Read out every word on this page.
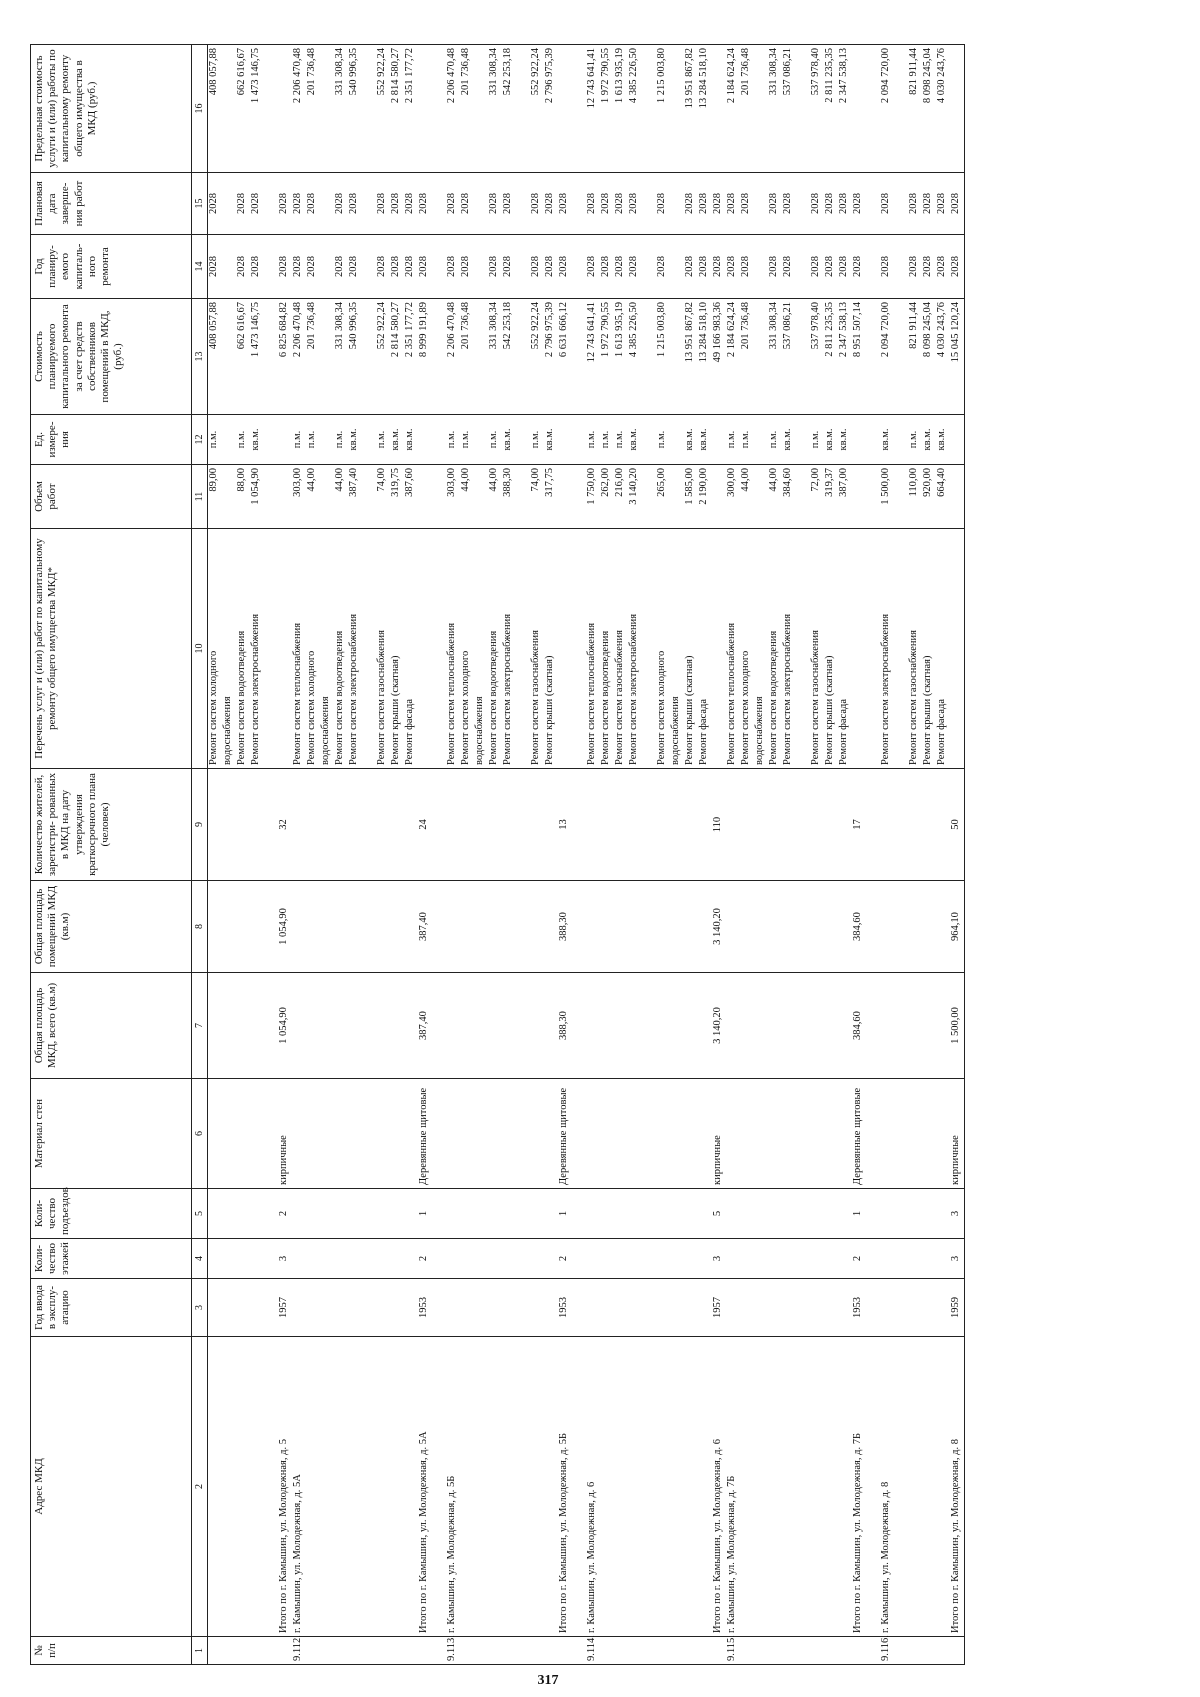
317
№ п/п	Адрес МКД	Год ввода в эксплу- атацию	Коли- чество этажей	Коли- чество подъездов	Материал стен	Общая площадь МКД, всего (кв.м)	Общая площадь помещений МКД (кв.м)	Количество жителей, зарегистри- рованных в МКД на дату утверждения краткосрочного плана (человек)	Перечень услуг и (или) работ по капитальному ремонту общего имущества МКД*	Объем работ	Ед. измере- ния	Стоимость планируемого капитального ремонта за счет средств собственников помещений в МКД, (руб.)	Год планиру- емого капиталь- ного ремонта	Плановая дата заверше- ния работ	Предельная стоимость услуги и (или) работы по капитальному ремонту общего имущества в МКД (руб.)
1	2	3	4	5	6	7	8	9	10	11	12	13	14	15	16
									Ремонт систем холодного	89,00	п.м.	408 057,88	2028	2028	408 057,88
									водоснабжения						
									Ремонт систем водоотведения	88,00	п.м.	662 616,67	2028	2028	662 616,67
									Ремонт систем электроснабжения	1 054,90	кв.м.	1 473 146,75	2028	2028	1 473 146,75

	Итого по г. Камышин, ул. Молодежная, д. 5	1957	3	2	кирпичные	1 054,90	1 054,90	32				6 825 684,82	2028	2028	
9.112.	г. Камышин, ул. Молодежная, д. 5А								Ремонт систем теплоснабжения	303,00	п.м.	2 206 470,48	2028	2028	2 206 470,48
									Ремонт систем холодного	44,00	п.м.	201 736,48	2028	2028	201 736,48
									водоснабжения						
									Ремонт систем водоотведения	44,00	п.м.	331 308,34	2028	2028	331 308,34
									Ремонт систем электроснабжения	387,40	кв.м.	540 996,35	2028	2028	540 996,35

									Ремонт систем газоснабжения	74,00	п.м.	552 922,24	2028	2028	552 922,24
									Ремонт крыши (скатная)	319,75	кв.м.	2 814 580,27	2028	2028	2 814 580,27
									Ремонт фасада	387,60	кв.м.	2 351 177,72	2028	2028	2 351 177,72
	Итого по г. Камышин, ул. Молодежная, д. 5А	1953	2	1	Деревянные щитовые	387,40	387,40	24				8 999 191,89	2028	2028	

9.113.	г. Камышин, ул. Молодежная, д. 5Б								Ремонт систем теплоснабжения	303,00	п.м.	2 206 470,48	2028	2028	2 206 470,48
									Ремонт систем холодного	44,00	п.м.	201 736,48	2028	2028	201 736,48
									водоснабжения						
									Ремонт систем водоотведения	44,00	п.м.	331 308,34	2028	2028	331 308,34
									Ремонт систем электроснабжения	388,30	кв.м.	542 253,18	2028	2028	542 253,18

									Ремонт систем газоснабжения	74,00	п.м.	552 922,24	2028	2028	552 922,24
									Ремонт крыши (скатная)	317,75	кв.м.	2 796 975,39	2028	2028	2 796 975,39
	Итого по г. Камышин, ул. Молодежная, д. 5Б	1953	2	1	Деревянные щитовые	388,30	388,30	13				6 631 666,12	2028	2028	

9.114.	г. Камышин, ул. Молодежная, д. 6								Ремонт систем теплоснабжения	1 750,00	п.м.	12 743 641,41	2028	2028	12 743 641,41
									Ремонт систем водоотведения	262,00	п.м.	1 972 790,55	2028	2028	1 972 790,55
									Ремонт систем газоснабжения	216,00	п.м.	1 613 935,19	2028	2028	1 613 935,19
									Ремонт систем электроснабжения	3 140,20	кв.м.	4 385 226,50	2028	2028	4 385 226,50

									Ремонт систем холодного	265,00	п.м.	1 215 003,80	2028	2028	1 215 003,80
									водоснабжения						
									Ремонт крыши (скатная)	1 585,00	кв.м.	13 951 867,82	2028	2028	13 951 867,82
									Ремонт фасада	2 190,00	кв.м.	13 284 518,10	2028	2028	13 284 518,10
	Итого по г. Камышин, ул. Молодежная, д. 6	1957	3	5	кирпичные	3 140,20	3 140,20	110				49 166 983,36	2028	2028	
9.115.	г. Камышин, ул. Молодежная, д. 7Б								Ремонт систем теплоснабжения	300,00	п.м.	2 184 624,24	2028	2028	2 184 624,24
									Ремонт систем холодного	44,00	п.м.	201 736,48	2028	2028	201 736,48
									водоснабжения						
									Ремонт систем водоотведения	44,00	п.м.	331 308,34	2028	2028	331 308,34
									Ремонт систем электроснабжения	384,60	кв.м.	537 086,21	2028	2028	537 086,21

									Ремонт систем газоснабжения	72,00	п.м.	537 978,40	2028	2028	537 978,40
									Ремонт крыши (скатная)	319,37	кв.м.	2 811 235,35	2028	2028	2 811 235,35
									Ремонт фасада	387,00	кв.м.	2 347 538,13	2028	2028	2 347 538,13
	Итого по г. Камышин, ул. Молодежная, д. 7Б	1953	2	1	Деревянные щитовые	384,60	384,60	17				8 951 507,14	2028	2028	

9.116.	г. Камышин, ул. Молодежная, д. 8								Ремонт систем электроснабжения	1 500,00	кв.м.	2 094 720,00	2028	2028	2 094 720,00

									Ремонт систем газоснабжения	110,00	п.м.	821 911,44	2028	2028	821 911,44
									Ремонт крыши (скатная)	920,00	кв.м.	8 098 245,04	2028	2028	8 098 245,04
									Ремонт фасада	664,40	кв.м.	4 030 243,76	2028	2028	4 030 243,76
	Итого по г. Камышин, ул. Молодежная, д. 8	1959	3	3	кирпичные	1 500,00	964,10	50				15 045 120,24	2028	2028	
